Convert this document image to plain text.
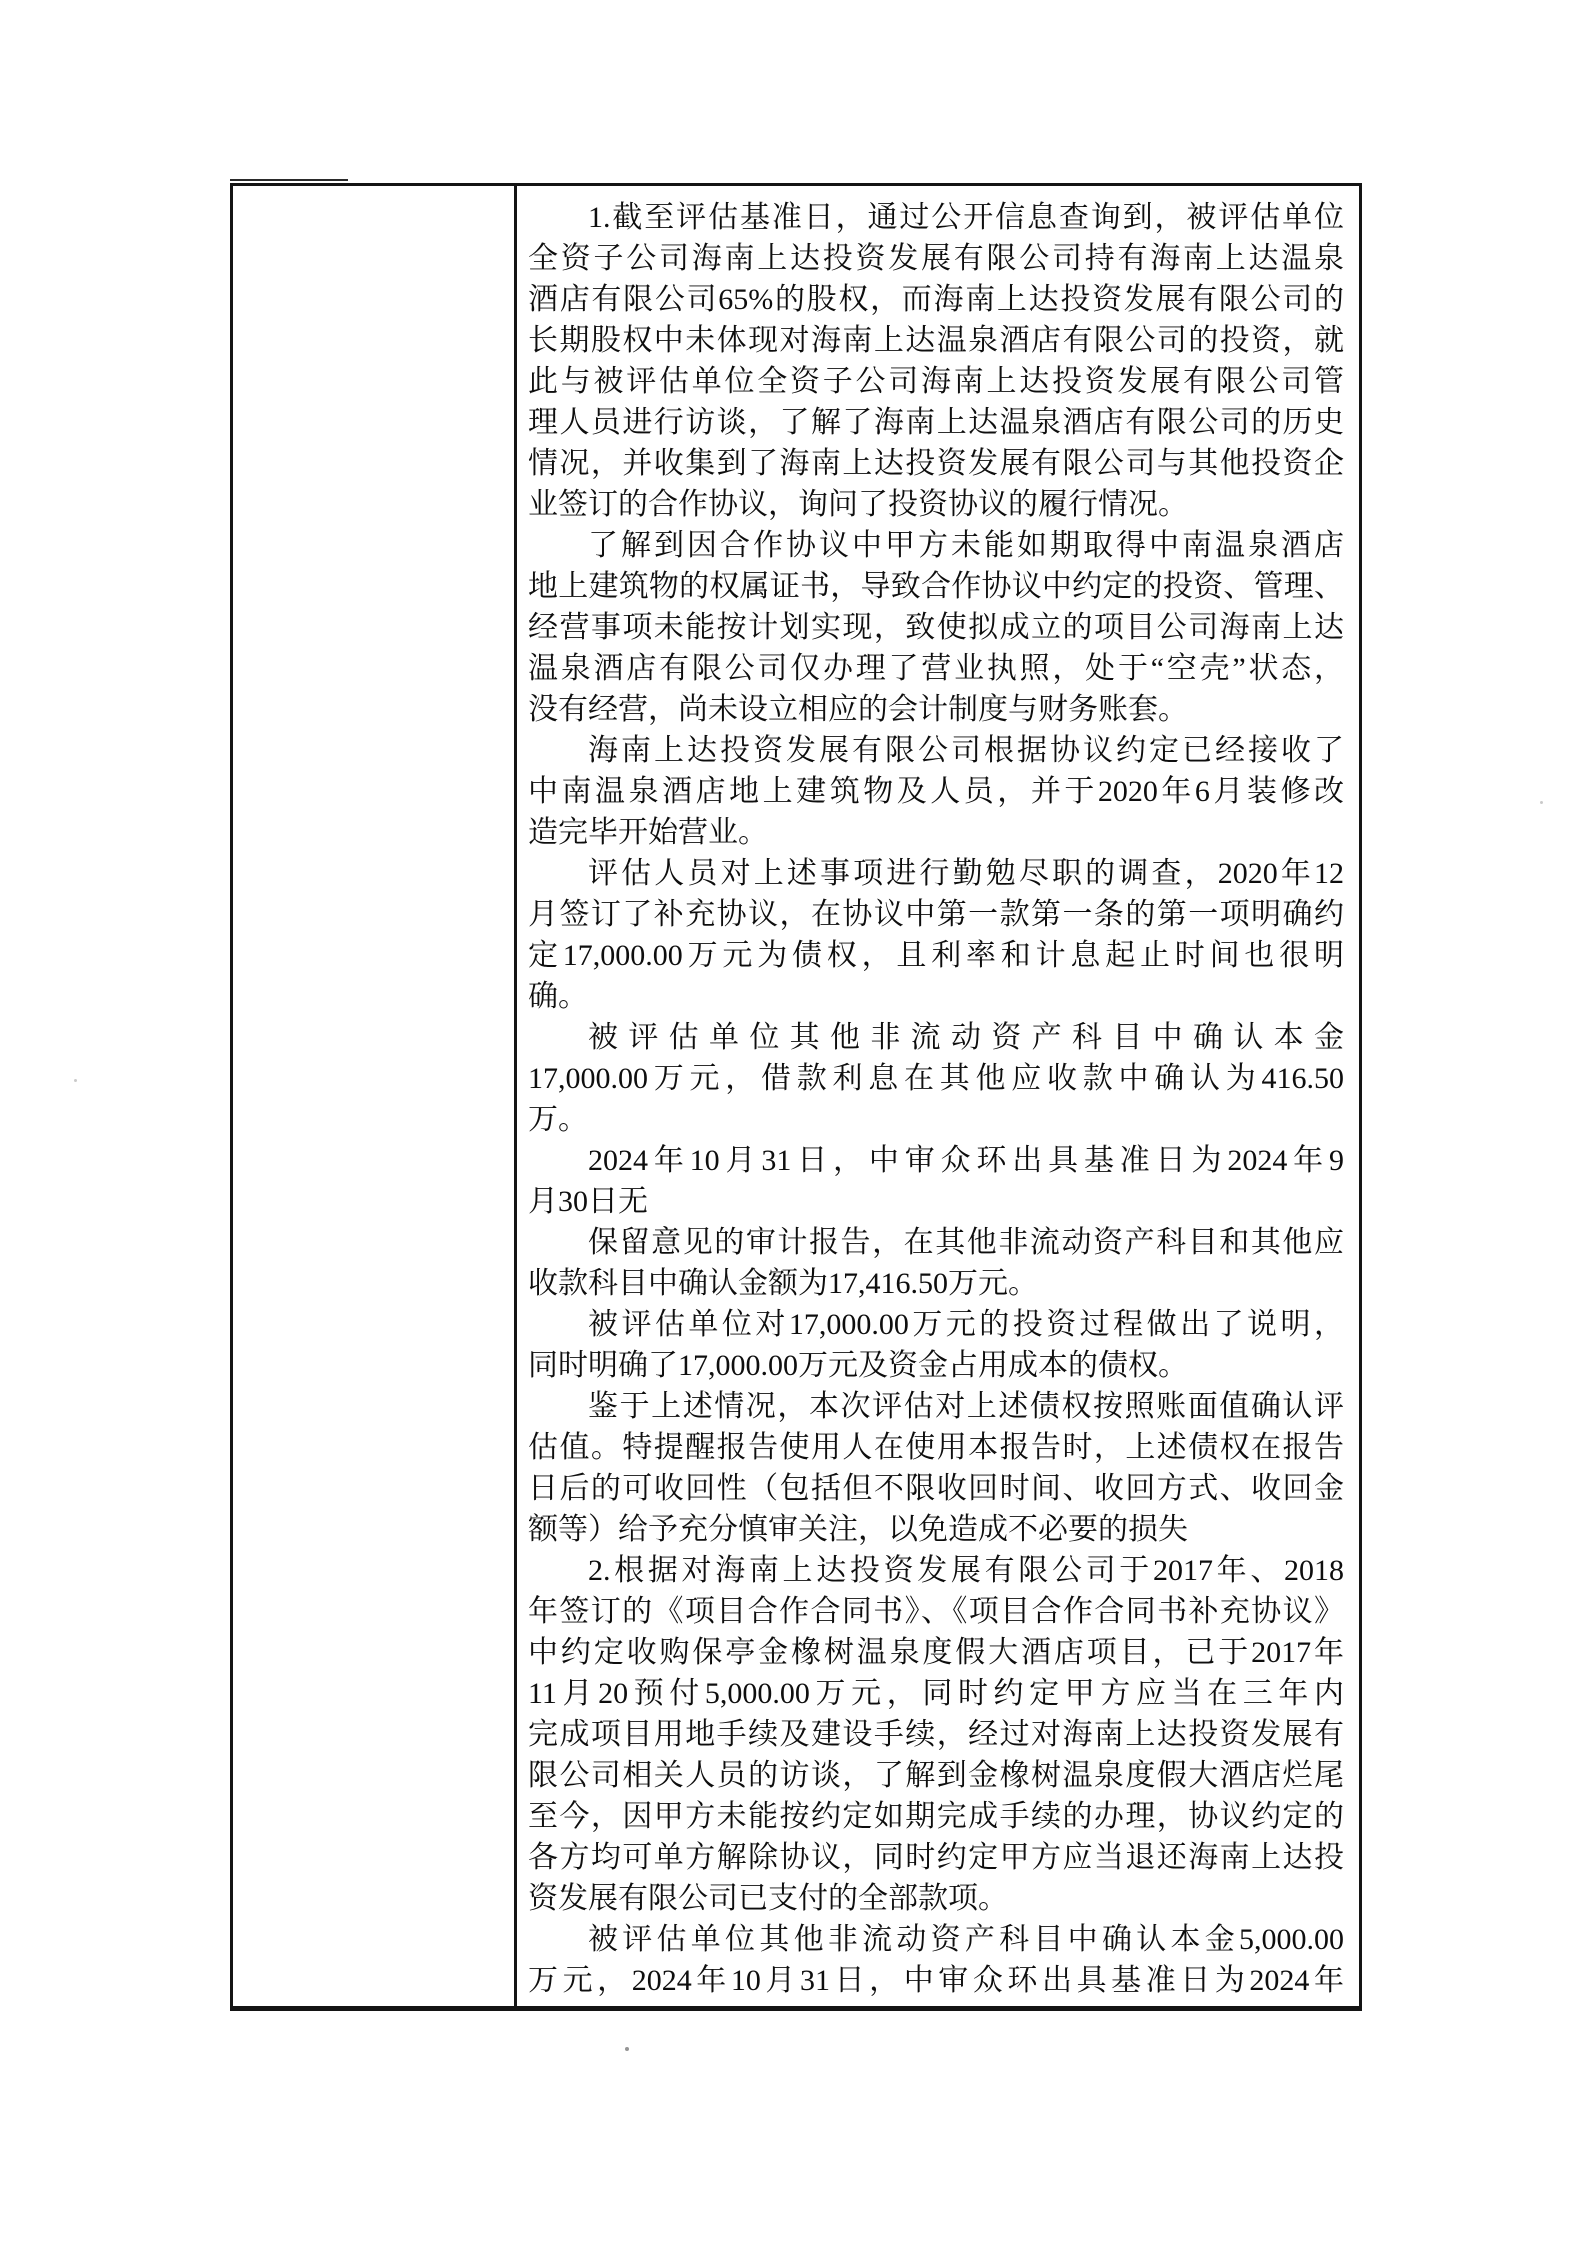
1.截至评估基准日，通过公开信息查询到，被评估单位
全资子公司海南上达投资发展有限公司持有海南上达温泉
酒店有限公司65%的股权，而海南上达投资发展有限公司的
长期股权中未体现对海南上达温泉酒店有限公司的投资，就
此与被评估单位全资子公司海南上达投资发展有限公司管
理人员进行访谈，了解了海南上达温泉酒店有限公司的历史
情况，并收集到了海南上达投资发展有限公司与其他投资企
业签订的合作协议，询问了投资协议的履行情况。
了解到因合作协议中甲方未能如期取得中南温泉酒店
地上建筑物的权属证书，导致合作协议中约定的投资、管理、
经营事项未能按计划实现，致使拟成立的项目公司海南上达
温泉酒店有限公司仅办理了营业执照，处于“空壳”状态，
没有经营，尚未设立相应的会计制度与财务账套。
海南上达投资发展有限公司根据协议约定已经接收了
中南温泉酒店地上建筑物及人员，并于2020年6月装修改
造完毕开始营业。
评估人员对上述事项进行勤勉尽职的调查，2020年12
月签订了补充协议，在协议中第一款第一条的第一项明确约
定17,000.00万元为债权，且利率和计息起止时间也很明
确。
被评估单位其他非流动资产科目中确认本金
17,000.00万元，借款利息在其他应收款中确认为416.50
万。
2024年10月31日，中审众环出具基准日为2024年9
月30日无
保留意见的审计报告，在其他非流动资产科目和其他应
收款科目中确认金额为17,416.50万元。
被评估单位对17,000.00万元的投资过程做出了说明，
同时明确了17,000.00万元及资金占用成本的债权。
鉴于上述情况，本次评估对上述债权按照账面值确认评
估值。特提醒报告使用人在使用本报告时，上述债权在报告
日后的可收回性（包括但不限收回时间、收回方式、收回金
额等）给予充分慎审关注，以免造成不必要的损失
2.根据对海南上达投资发展有限公司于2017年、2018
年签订的《项目合作合同书》、《项目合作合同书补充协议》
中约定收购保亭金橡树温泉度假大酒店项目，已于2017年
11月20预付5,000.00万元，同时约定甲方应当在三年内
完成项目用地手续及建设手续，经过对海南上达投资发展有
限公司相关人员的访谈，了解到金橡树温泉度假大酒店烂尾
至今，因甲方未能按约定如期完成手续的办理，协议约定的
各方均可单方解除协议，同时约定甲方应当退还海南上达投
资发展有限公司已支付的全部款项。
被评估单位其他非流动资产科目中确认本金5,000.00
万元，2024年10月31日，中审众环出具基准日为2024年
